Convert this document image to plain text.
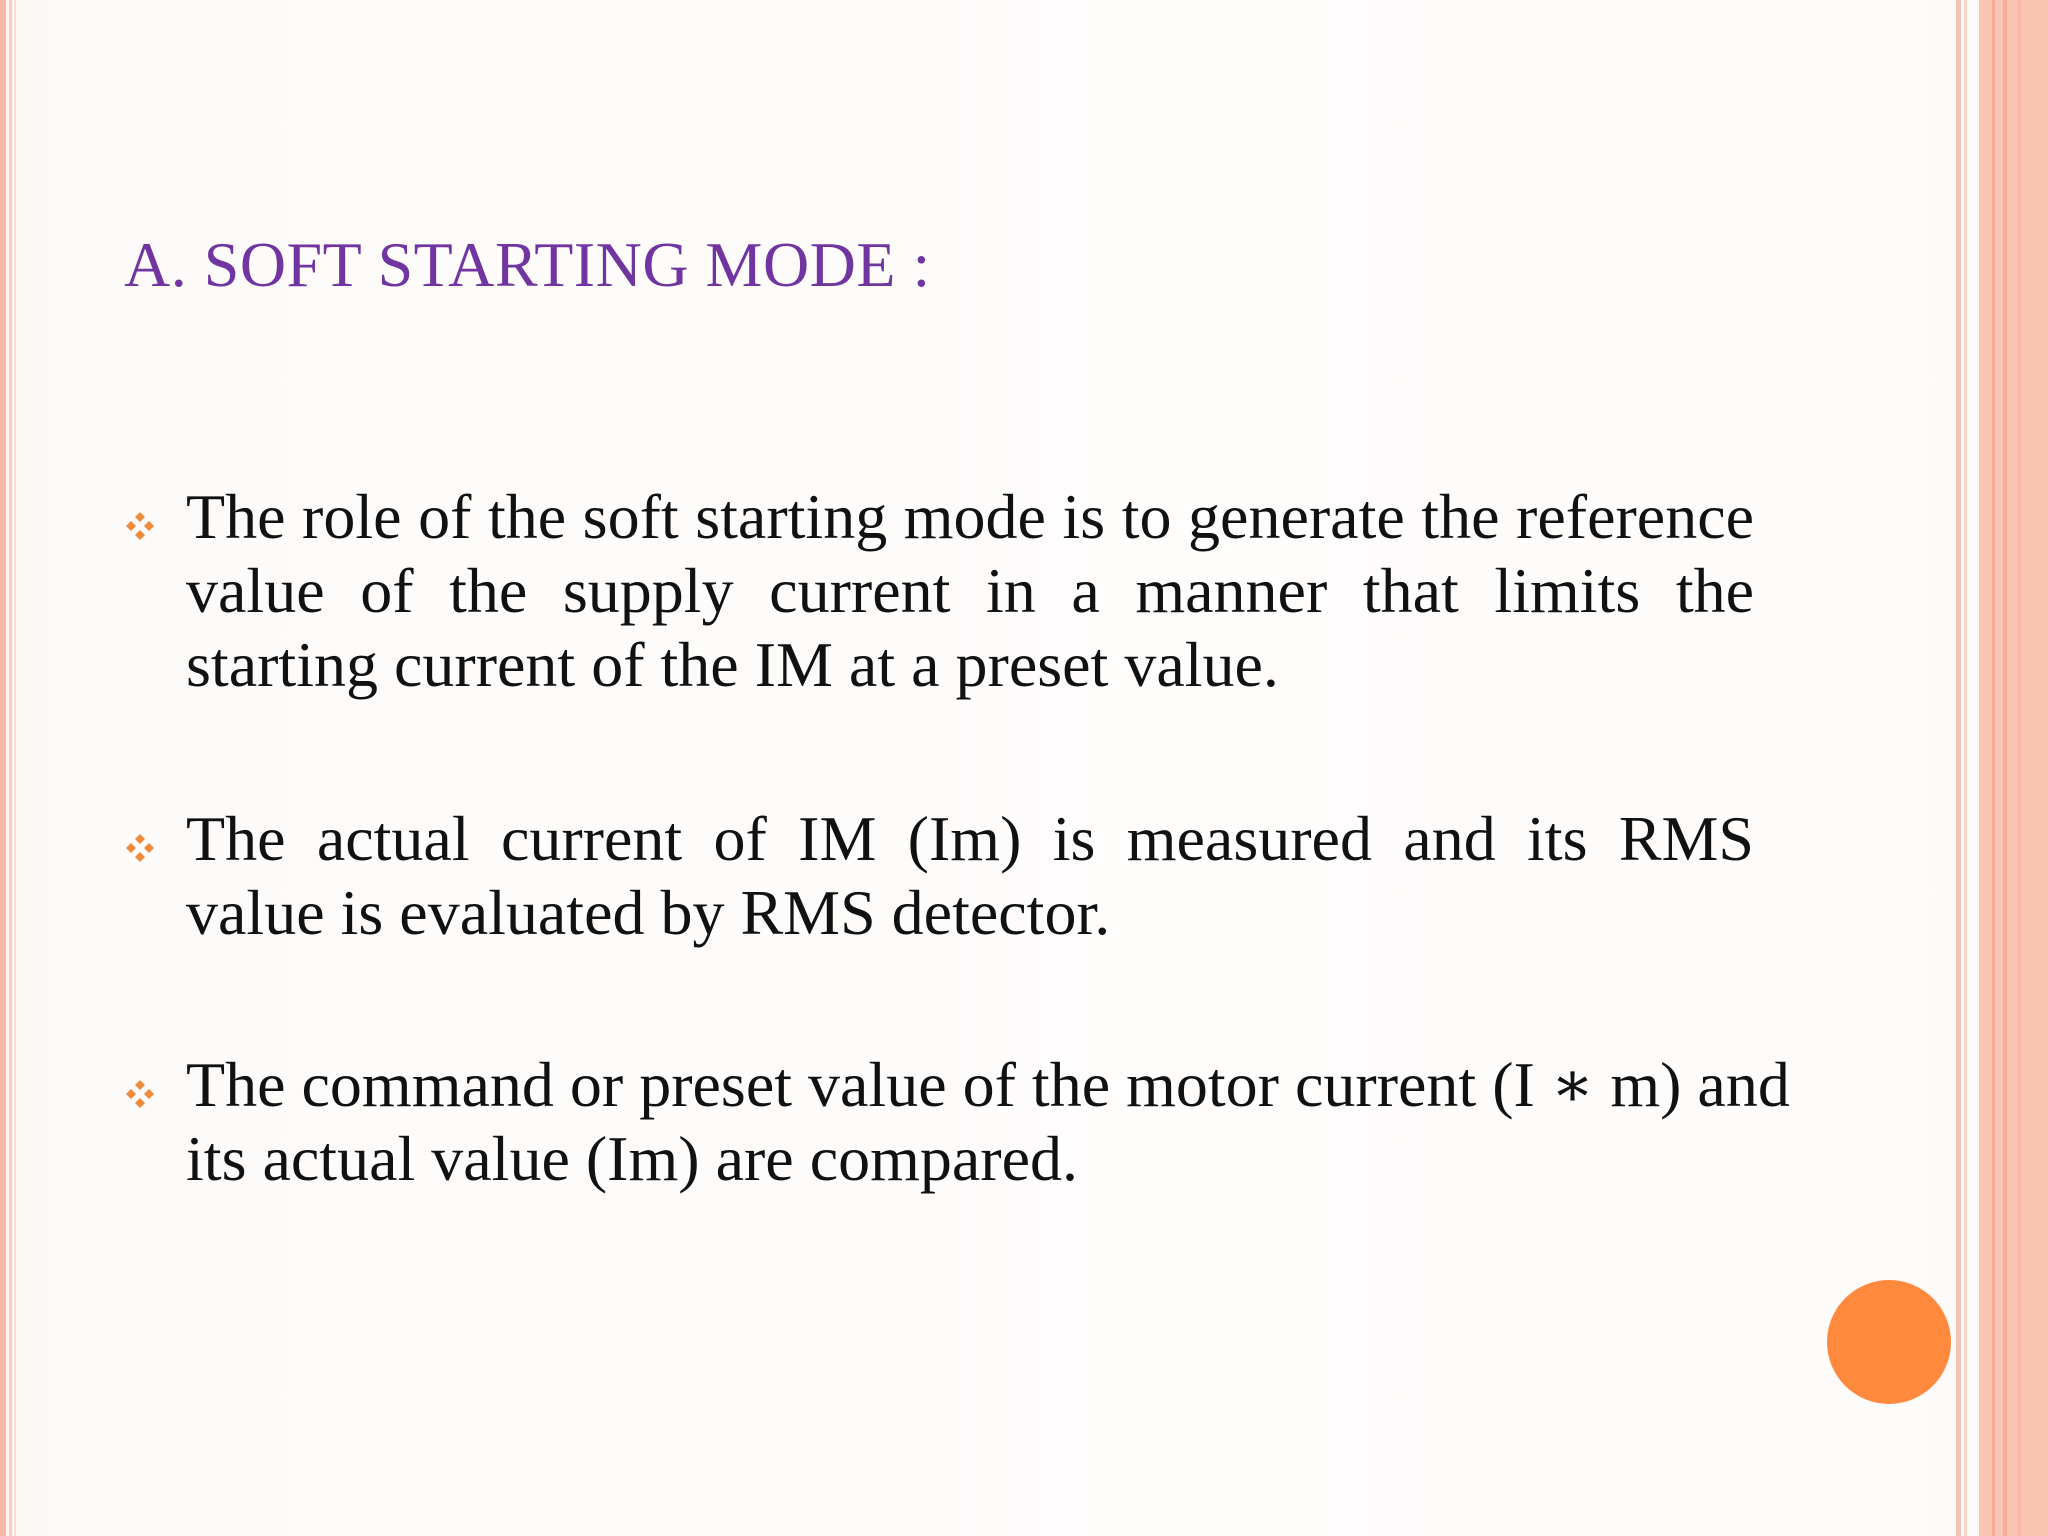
A. SOFT STARTING MODE :
The role of the soft starting mode is to generate the reference value of the supply current in a manner that limits the starting current of the IM at a preset value.
The actual current of IM (Im) is measured and its RMS value is evaluated by RMS detector.
The command or preset value of the motor current (I ∗ m) and its actual value (Im) are compared.
